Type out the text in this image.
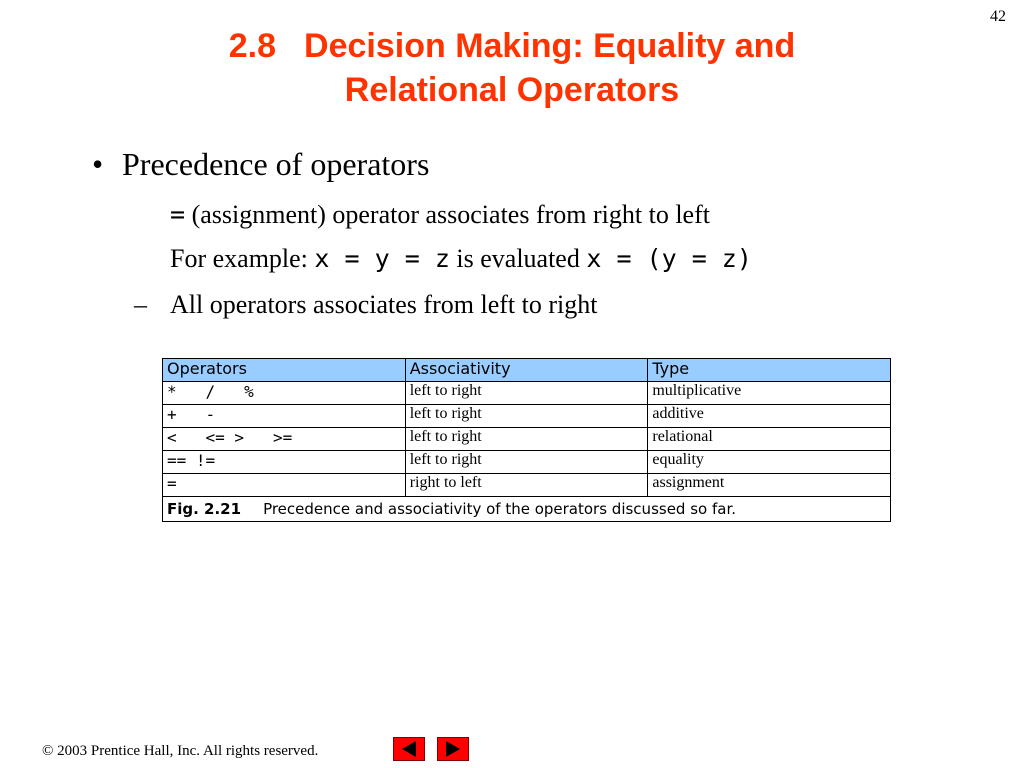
42
2.8 Decision Making: Equality and
Relational Operators
• Precedence of operators
= (assignment) operator associates from right to left
For example: x = y = z is evaluated x = (y = z)
– All operators associates from left to right
Operators	Associativity	Type
*   /   %	left to right	multiplicative
+   -	left to right	additive
<   <= >   >=	left to right	relational
== !=	left to right	equality
=	right to left	assignment
Fig. 2.21 Precedence and associativity of the operators discussed so far.		
© 2003 Prentice Hall, Inc. All rights reserved.
